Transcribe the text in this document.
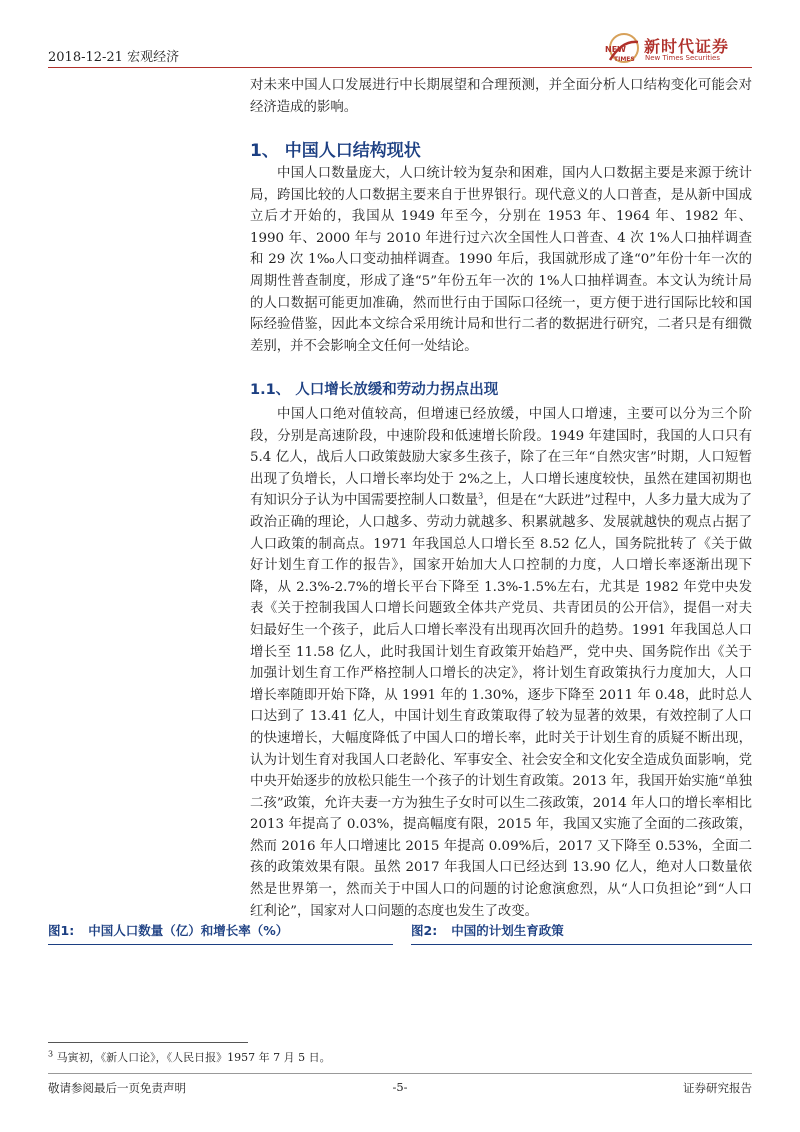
2018-12-21 宏观经济
NEW
TIMES
新时代证券
New Times Securities
对未来中国人口发展进行中长期展望和合理预测，并全面分析人口结构变化可能会对经济造成的影响。
1、 中国人口结构现状
中国人口数量庞大，人口统计较为复杂和困难，国内人口数据主要是来源于统计局，跨国比较的人口数据主要来自于世界银行。现代意义的人口普查，是从新中国成立后才开始的，我国从 1949 年至今，分别在 1953 年、1964 年、1982 年、1990 年、2000 年与 2010 年进行过六次全国性人口普查、4 次 1%人口抽样调查和 29 次 1‰人口变动抽样调查。1990 年后，我国就形成了逢“0”年份十年一次的周期性普查制度，形成了逢“5”年份五年一次的 1%人口抽样调查。本文认为统计局的人口数据可能更加准确，然而世行由于国际口径统一，更方便于进行国际比较和国际经验借鉴，因此本文综合采用统计局和世行二者的数据进行研究，二者只是有细微差别，并不会影响全文任何一处结论。
1.1、 人口增长放缓和劳动力拐点出现
中国人口绝对值较高，但增速已经放缓，中国人口增速，主要可以分为三个阶段，分别是高速阶段，中速阶段和低速增长阶段。1949 年建国时，我国的人口只有 5.4 亿人，战后人口政策鼓励大家多生孩子，除了在三年“自然灾害”时期，人口短暂出现了负增长，人口增长率均处于 2%之上，人口增长速度较快，虽然在建国初期也有知识分子认为中国需要控制人口数量$^3$，但是在“大跃进”过程中，人多力量大成为了政治正确的理论，人口越多、劳动力就越多、积累就越多、发展就越快的观点占据了人口政策的制高点。1971 年我国总人口增长至 8.52 亿人，国务院批转了《关于做好计划生育工作的报告》，国家开始加大人口控制的力度，人口增长率逐渐出现下降，从 2.3%-2.7%的增长平台下降至 1.3%-1.5%左右，尤其是 1982 年党中央发表《关于控制我国人口增长问题致全体共产党员、共青团员的公开信》，提倡一对夫妇最好生一个孩子，此后人口增长率没有出现再次回升的趋势。1991 年我国总人口增长至 11.58 亿人，此时我国计划生育政策开始趋严，党中央、国务院作出《关于加强计划生育工作严格控制人口增长的决定》，将计划生育政策执行力度加大，人口增长率随即开始下降，从 1991 年的 1.30%，逐步下降至 2011 年 0.48，此时总人口达到了 13.41 亿人，中国计划生育政策取得了较为显著的效果，有效控制了人口的快速增长，大幅度降低了中国人口的增长率，此时关于计划生育的质疑不断出现，认为计划生育对我国人口老龄化、军事安全、社会安全和文化安全造成负面影响，党中央开始逐步的放松只能生一个孩子的计划生育政策。2013 年，我国开始实施“单独二孩”政策，允许夫妻一方为独生子女时可以生二孩政策，2014 年人口的增长率相比 2013 年提高了 0.03%，提高幅度有限，2015 年，我国又实施了全面的二孩政策，然而 2016 年人口增速比 2015 年提高 0.09%后，2017 又下降至 0.53%，全面二孩的政策效果有限。虽然 2017 年我国人口已经达到 13.90 亿人，绝对人口数量依然是世界第一，然而关于中国人口的问题的讨论愈演愈烈，从“人口负担论”到“人口红利论”，国家对人口问题的态度也发生了改变。
图1: 中国人口数量（亿）和增长率（%）	图2: 中国的计划生育政策
$^3$ 马寅初，《新人口论》，《人民日报》1957 年 7 月 5 日。
敬请参阅最后一页免责声明	-5-	证券研究报告
